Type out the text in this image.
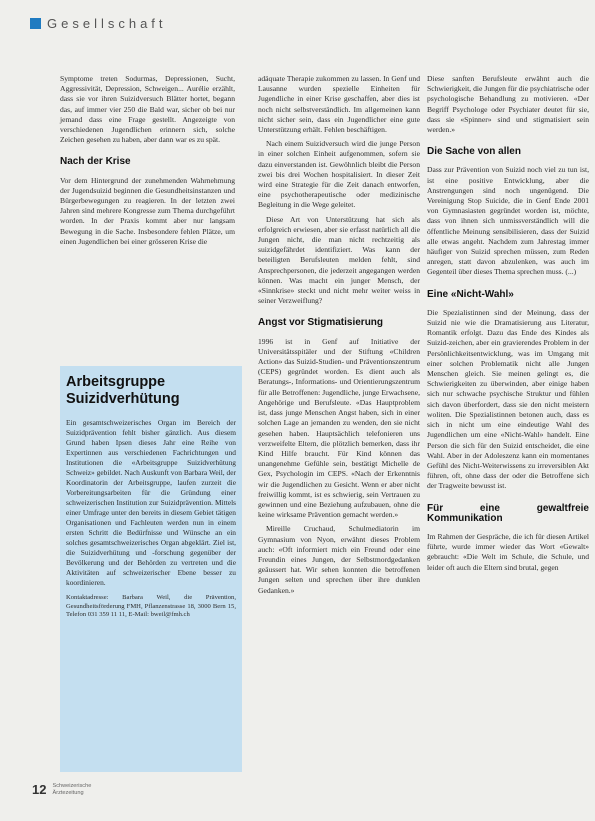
Gesellschaft

Symptome treten Sodurmas, Depressionen, Sucht, Aggressivität, Depression, Schweigen... Aurélie erzählt, dass sie vor ihren Suizidversuch Blätter hortet, begann das, auf immer vier 250 die Bald war, sicher ob bei nur jemand dass eine Frage gestellt. Angezeigte von verschiedenen Jugendlichen erinnern sich, solche Zeichen gesehen zu haben, aber dann war es zu spät.

Nach der Krise

Vor dem Hintergrund der zunehmenden Wahrnehmung der Jugendsuizid beginnen die Gesundheitsinstanzen und Bürgerbewegungen zu reagieren. In der letzten zwei Jahren sind mehrere Kongresse zum Thema durchgeführt worden. In der Praxis kommt aber nur langsam Bewegung in die Sache. Insbesondere fehlen Plätze, um einen Jugendlichen bei einer grösseren Krise die

Arbeitsgruppe Suizidverhütung

Ein gesamtschweizerisches Organ im Bereich der Suizidprävention fehlt bisher gänzlich. Aus diesem Grund haben Ipsen dieses Jahr eine Reihe von Expertinnen aus verschiedenen Fachrichtungen und Institutionen die «Arbeitsgruppe Suizidverhütung Schweiz» gebildet. Nach Auskunft von Barbara Weil, der Koordinatorin der Arbeitsgruppe, laufen zurzeit die Vorbereitungsarbeiten für die Gründung einer schweizerischen Institution zur Suizidprävention. Mittels einer Umfrage unter den bereits in diesem Gebiet tätigen Organisationen und Fachleuten werden nun in einem ersten Schritt die Bedürfnisse und Wünsche an ein solches gesamtschweizerisches Organ abgeklärt. Ziel ist, die Suizidverhütung und -forschung gegenüber der Bevölkerung und der Behörden zu vertreten und die Aktivitäten auf schweizerischer Ebene besser zu koordinieren.

Kontaktadresse: Barbara Weil, die Prävention, Gesundheitsförderung FMH, Pflanzenstrasse 18, 3000 Bern 15, Telefon 031 359 11 11, E-Mail: bweil@fmh.ch

adäquate Therapie zukommen zu lassen. In Genf und Lausanne wurden spezielle Einheiten für Jugendliche in einer Krise geschaffen, aber dies ist noch nicht selbstverständlich. Im allgemeinen kann nicht sicher sein, dass ein Jugendlicher eine gute Unterstützung erhält. Fehlen beschäftigen.

Nach einem Suizidversuch wird die junge Person in einer solchen Einheit aufgenommen, sofern sie dazu einverstanden ist. Gewöhnlich bleibt die Person zwei bis drei Wochen hospitalisiert. In dieser Zeit wird eine Strategie für die Zeit danach entworfen, eine psychotherapeutische oder medizinische Begleitung in die Wege geleitet.

Diese Art von Unterstützung hat sich als erfolgreich erwiesen, aber sie erfasst natürlich all die Jungen nicht, die man nicht rechtzeitig als suizidgefährdet identifiziert. Was kann der beteiligten Berufsleuten melden fehlt, sind Ansprechpersonen, die jederzeit angegangen werden können. Was macht ein junger Mensch, der «Sinnkrise» steckt und nicht mehr weiter weiss in seiner Verzweiflung?

Angst vor Stigmatisierung

1996 ist in Genf auf Initiative der Universitätsspitäler und der Stiftung «Children Action» das Suizid-Studien- und Präventionszentrum (CEPS) gegründet worden. Es dient auch als Beratungs-, Informations- und Orientierungszentrum für alle Betroffenen: Jugendliche, junge Erwachsene, Angehörige und Berufsleute. «Das Hauptproblem ist, dass junge Menschen Angst haben, sich in einer solchen Lage an jemanden zu wenden, den sie nicht gesehen haben. Hauptsächlich telefonieren uns verzweifelte Eltern, die plötzlich bemerken, dass ihr Kind Hilfe braucht. Für Kind können das unangenehme Gefühle sein, bestätigt Michelle de Gex, Psychologin im CEPS. «Nach der Erkenntnis wir die Jugendlichen zu Gesicht. Wenn er aber nicht freiwillig kommt, ist es schwierig, sein Vertrauen zu gewinnen und eine Beziehung aufzubauen, ohne die keine wirksame Prävention gemacht werden.»

Mireille Cruchaud, Schulmediatorin im Gymnasium von Nyon, erwähnt dieses Problem auch: «Oft informiert mich ein Freund oder eine Freundin eines Jungen, der Selbstmordgedanken geäussert hat. Wir sehen konnten die betroffenen Jungen selten und sprechen über ihre dunklen Gedanken.»

Diese sanften Berufsleute erwähnt auch die Schwierigkeit, die Jungen für die psychiatrische oder psychologische Behandlung zu motivieren. «Der Begriff Psychologe oder Psychiater deutet für sie, dass sie «Spinner» sind und stigmatisiert sein werden.»

Die Sache von allen

Dass zur Prävention von Suizid noch viel zu tun ist, ist eine positive Entwicklung, aber die Anstrengungen sind noch ungenügend. Die Vereinigung Stop Suicide, die in Genf Ende 2001 von Gymnasiasten gegründet worden ist, möchte, dass von ihnen sich unmissverständlich will die öffentliche Meinung sensibilisieren, dass der Suizid alle etwas angeht. Nachdem zum Jahrestag immer häufiger von Suizid sprechen müssen, zum Reden anregen, statt davon abzulenken, was auch im Gegenteil über dieses Thema sprechen muss. (...)

Eine «Nicht-Wahl»

Die Spezialistinnen sind der Meinung, dass der Suizid nie wie die Dramatisierung aus Literatur, Romantik erfolgt. Dazu das Ende des Kindes als Suizid-zeichen, aber ein gravierendes Problem in der Persönlichkeitsentwicklung, was im Umgang mit einer solchen Problematik nicht alle Jungen Menschen gleich. Sie meinen gelingt es, die Schwierigkeiten zu überwinden, aber einige haben sich nur schwache psychische Struktur und fühlen sich davon überfordert, dass sie den nicht meistern woliten. Die Spezialistinnen betonen auch, dass es sich in nicht um eine eindeutige Wahl des Jugendlichen um eine «Nicht-Wahl» handelt. Eine Person die sich für den Suizid entscheidet, die eine Wahl. Aber in der Adoleszenz kann ein momentanes Gefühl des Nicht-Weiterwissens zu irreversiblen Akt führen, oft, ohne dass der oder die Betroffene sich der Tragweite bewusst ist.

Für eine gewaltfreie Kommunikation

Im Rahmen der Gespräche, die ich für diesen Artikel führte, wurde immer wieder das Wort «Gewalt» gebraucht: «Die Welt im Schule, die Schule, und leider oft auch die Eltern sind brutal, gegen

12 Schweizerische
Ärztezeitung
